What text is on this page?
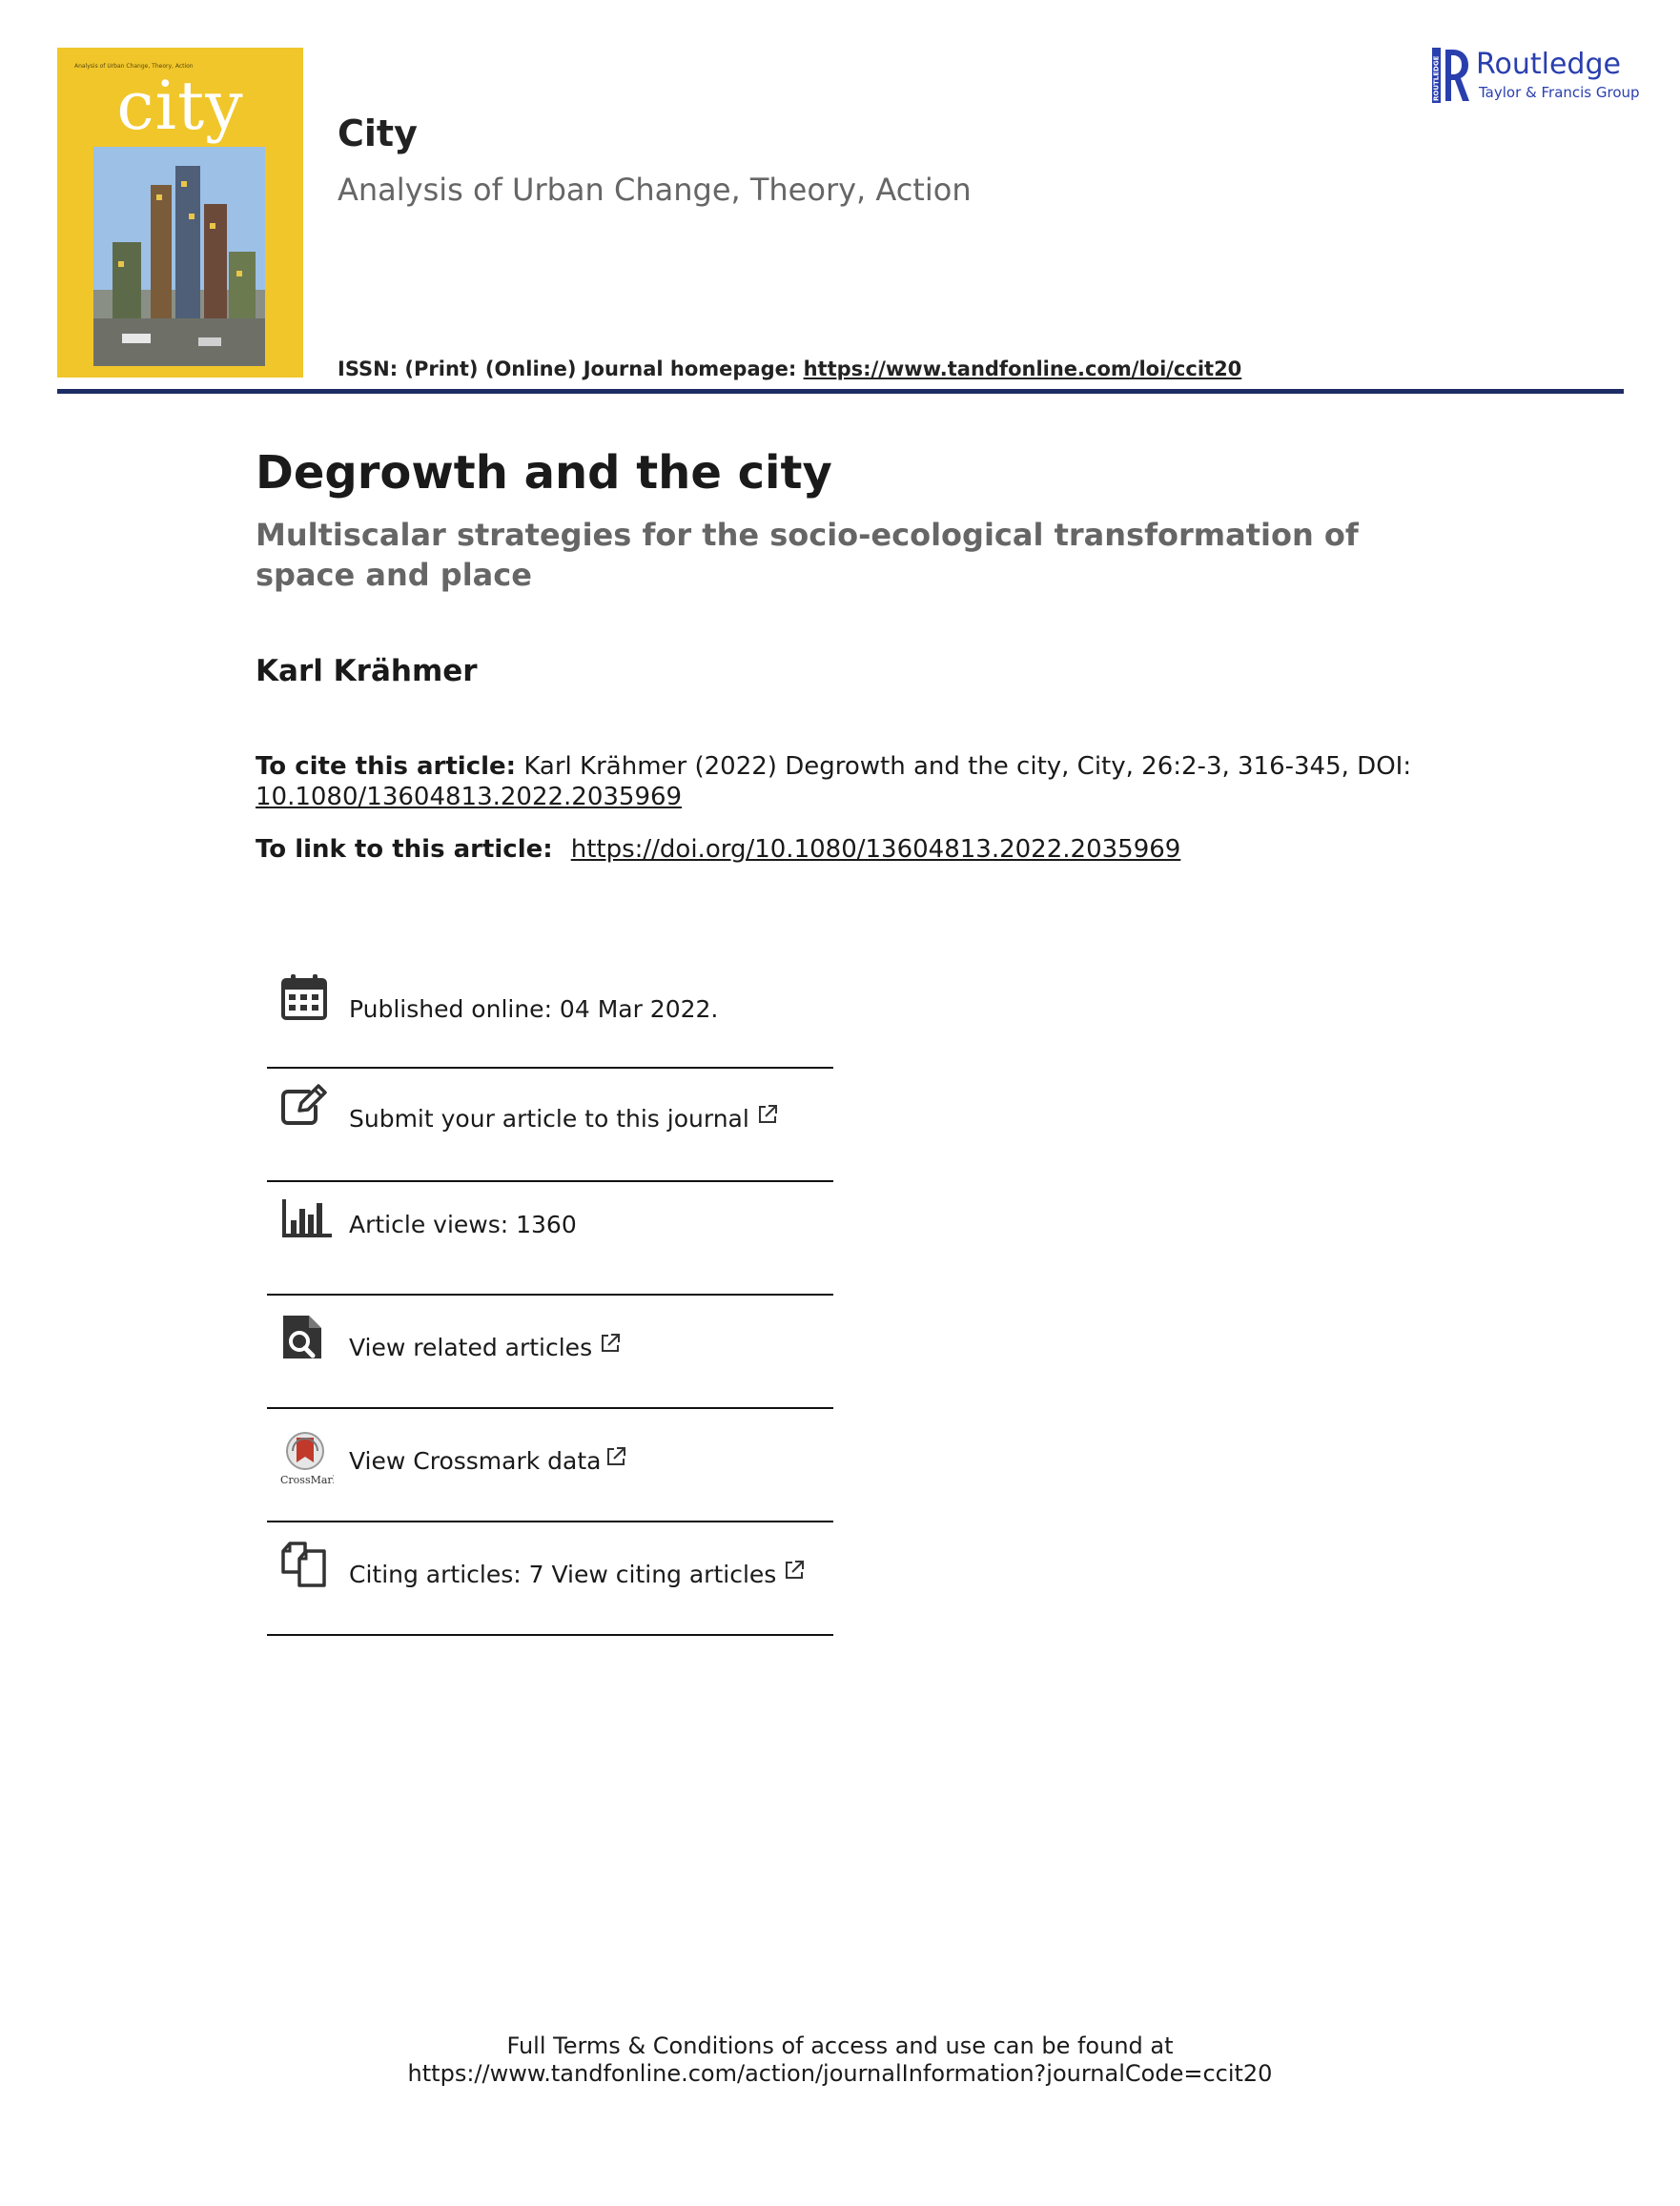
Analysis of Urban Change, Theory, Action
city	City
Analysis of Urban Change, Theory, Action
ISSN: (Print) (Online) Journal homepage: https://www.tandfonline.com/loi/ccit20
ROUTLEDGE Routledge
Taylor & Francis Group
Degrowth and the city
Multiscalar strategies for the socio-ecological transformation of space and place
Karl Krähmer
To cite this article: Karl Krähmer (2022) Degrowth and the city, City, 26:2-3, 316-345, DOI: 10.1080/13604813.2022.2035969
To link to this article: https://doi.org/10.1080/13604813.2022.2035969
Published online: 04 Mar 2022.
Submit your article to this journal
Article views: 1360
View related articles
CrossMark
View Crossmark data
Citing articles: 7 View citing articles
Full Terms & Conditions of access and use can be found at
https://www.tandfonline.com/action/journalInformation?journalCode=ccit20
